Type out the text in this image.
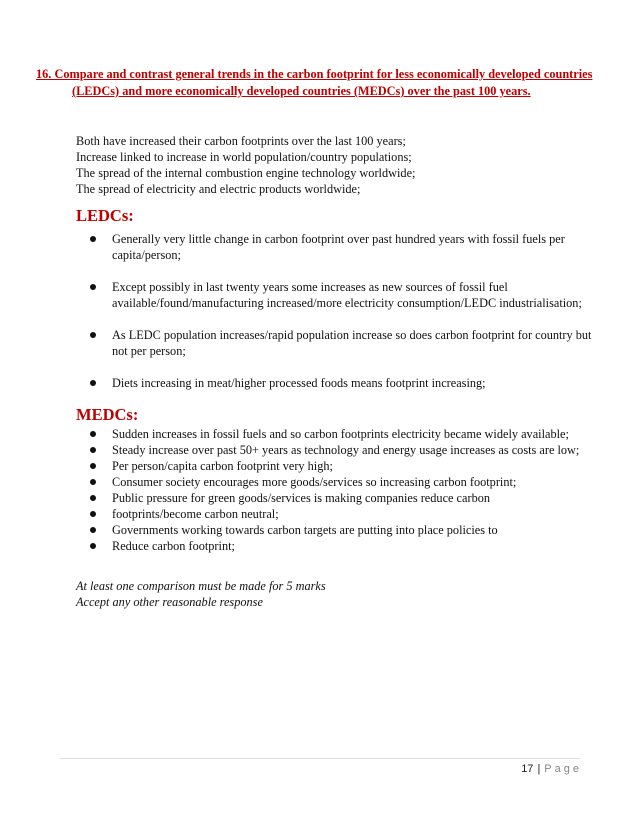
16. Compare and contrast general trends in the carbon footprint for less economically developed countries (LEDCs) and more economically developed countries (MEDCs) over the past 100 years.
Both have increased their carbon footprints over the last 100 years;
Increase linked to increase in world population/country populations;
The spread of the internal combustion engine technology worldwide;
The spread of electricity and electric products worldwide;
LEDCs:
Generally very little change in carbon footprint over past hundred years with fossil fuels per capita/person;
Except possibly in last twenty years some increases as new sources of fossil fuel available/found/manufacturing increased/more electricity consumption/LEDC industrialisation;
As LEDC population increases/rapid population increase so does carbon footprint for country but not per person;
Diets increasing in meat/higher processed foods means footprint increasing;
MEDCs:
Sudden increases in fossil fuels and so carbon footprints electricity became widely available;
Steady increase over past 50+ years as technology and energy usage increases as costs are low;
Per person/capita carbon footprint very high;
Consumer society encourages more goods/services so increasing carbon footprint;
Public pressure for green goods/services is making companies reduce carbon
footprints/become carbon neutral;
Governments working towards carbon targets are putting into place policies to
Reduce carbon footprint;
At least one comparison must be made for 5 marks
Accept any other reasonable response
17 | Page
